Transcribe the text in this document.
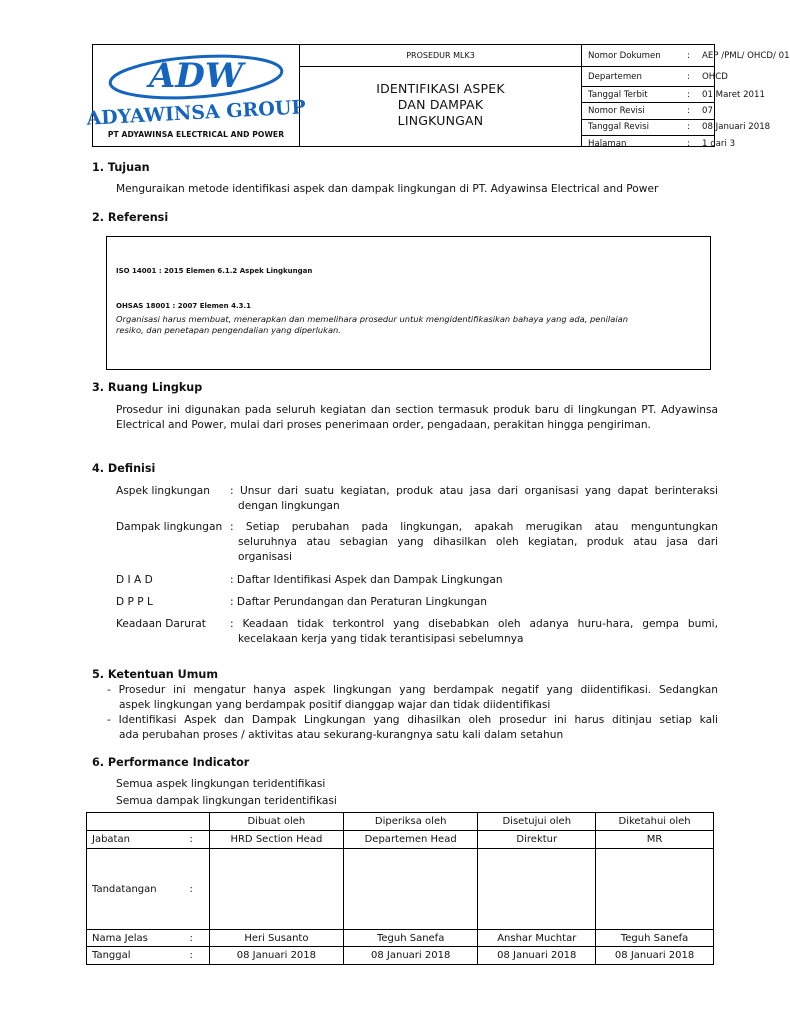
ADW
ADYAWINSA GROUP
PT ADYAWINSA ELECTRICAL AND POWER
PROSEDUR MLK3
IDENTIFIKASI ASPEK
DAN DAMPAK
LINGKUNGAN
Nomor Dokumen	: AEP /PML/ OHCD/ 01
Departemen	: OHCD
Tanggal Terbit	: 01 Maret 2011
Nomor Revisi	: 07
Tanggal Revisi	: 08 Januari 2018
Halaman	: 1 dari 3
1. Tujuan
Menguraikan metode identifikasi aspek dan dampak lingkungan di PT. Adyawinsa Electrical and Power
2. Referensi
ISO 14001 : 2015 Elemen 6.1.2 Aspek Lingkungan
OHSAS 18001 : 2007 Elemen 4.3.1
Organisasi harus membuat, menerapkan dan memelihara prosedur untuk mengidentifikasikan bahaya yang ada, penilaian
resiko, dan penetapan pengendalian yang diperlukan.
3. Ruang Lingkup
Prosedur ini digunakan pada seluruh kegiatan dan section termasuk produk baru di lingkungan PT. Adyawinsa Electrical and Power, mulai dari proses penerimaan order, pengadaan, perakitan hingga pengiriman.
4. Definisi
Aspek lingkungan : Unsur dari suatu kegiatan, produk atau jasa dari organisasi yang dapat berinteraksi
dengan lingkungan
Dampak lingkungan : Setiap perubahan pada lingkungan, apakah merugikan atau menguntungkan
seluruhnya atau sebagian yang dihasilkan oleh kegiatan, produk atau jasa dari
organisasi
D I A D	: Daftar Identifikasi Aspek dan Dampak Lingkungan
D P P L	: Daftar Perundangan dan Peraturan Lingkungan
Keadaan Darurat : Keadaan tidak terkontrol yang disebabkan oleh adanya huru-hara, gempa bumi,
kecelakaan kerja yang tidak terantisipasi sebelumnya
5. Ketentuan Umum
- Prosedur ini mengatur hanya aspek lingkungan yang berdampak negatif yang diidentifikasi. Sedangkan
aspek lingkungan yang berdampak positif dianggap wajar dan tidak diidentifikasi
- Identifikasi Aspek dan Dampak Lingkungan yang dihasilkan oleh prosedur ini harus ditinjau setiap kali
ada perubahan proses / aktivitas atau sekurang-kurangnya satu kali dalam setahun
6. Performance Indicator
Semua aspek lingkungan teridentifikasi
Semua dampak lingkungan teridentifikasi
		Dibuat oleh	Diperiksa oleh	Disetujui oleh	Diketahui oleh
Jabatan	:	HRD Section Head	Departemen Head	Direktur	MR
Tandatangan	:				
Nama Jelas	:	Heri Susanto	Teguh Sanefa	Anshar Muchtar	Teguh Sanefa
Tanggal	:	08 Januari 2018	08 Januari 2018	08 Januari 2018	08 Januari 2018
